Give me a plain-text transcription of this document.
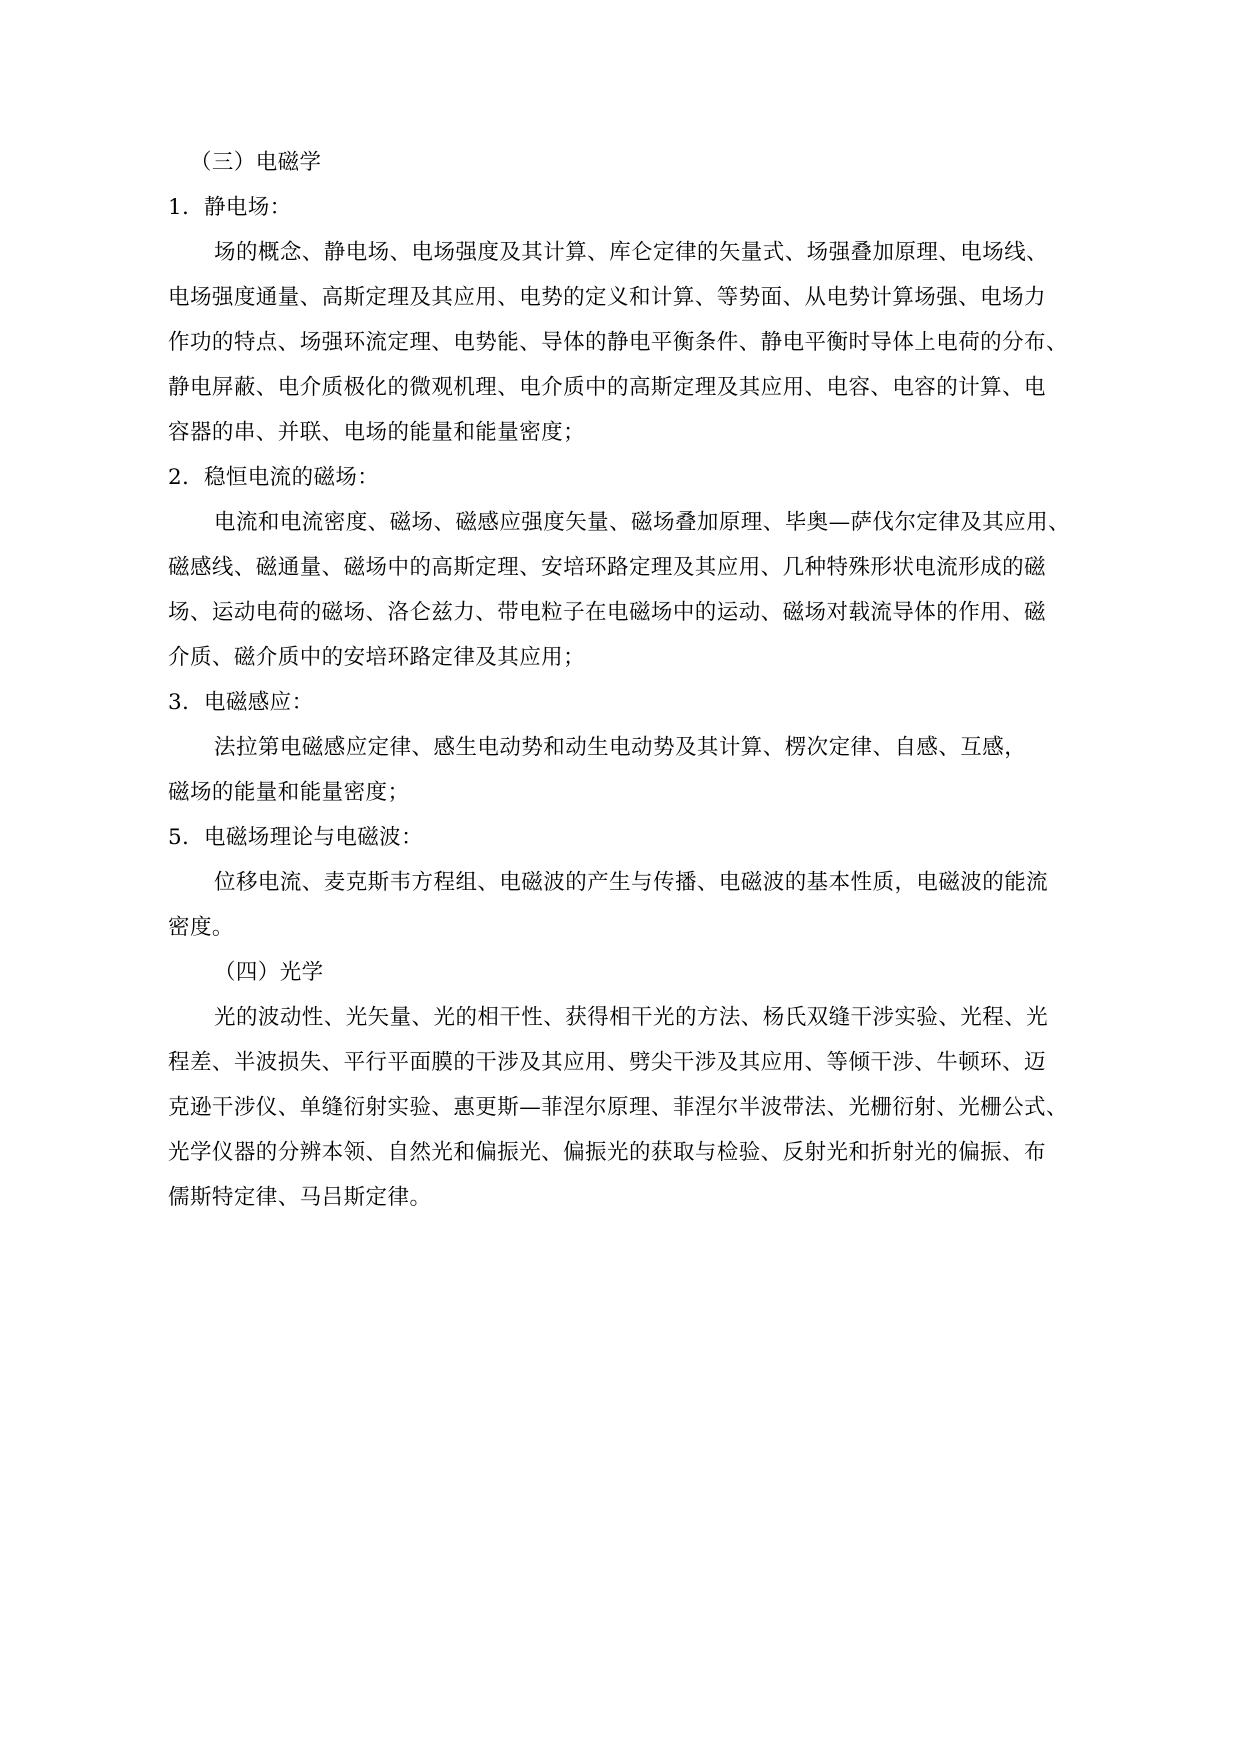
（三）电磁学
1．静电场：
场的概念、静电场、电场强度及其计算、库仑定律的矢量式、场强叠加原理、电场线、
电场强度通量、高斯定理及其应用、电势的定义和计算、等势面、从电势计算场强、电场力
作功的特点、场强环流定理、电势能、导体的静电平衡条件、静电平衡时导体上电荷的分布、
静电屏蔽、电介质极化的微观机理、电介质中的高斯定理及其应用、电容、电容的计算、电
容器的串、并联、电场的能量和能量密度；
2．稳恒电流的磁场：
电流和电流密度、磁场、磁感应强度矢量、磁场叠加原理、毕奥—萨伐尔定律及其应用、
磁感线、磁通量、磁场中的高斯定理、安培环路定理及其应用、几种特殊形状电流形成的磁
场、运动电荷的磁场、洛仑兹力、带电粒子在电磁场中的运动、磁场对载流导体的作用、磁
介质、磁介质中的安培环路定律及其应用；
3．电磁感应：
法拉第电磁感应定律、感生电动势和动生电动势及其计算、楞次定律、自感、互感，
磁场的能量和能量密度；
5．电磁场理论与电磁波：
位移电流、麦克斯韦方程组、电磁波的产生与传播、电磁波的基本性质，电磁波的能流
密度。
（四）光学
光的波动性、光矢量、光的相干性、获得相干光的方法、杨氏双缝干涉实验、光程、光
程差、半波损失、平行平面膜的干涉及其应用、劈尖干涉及其应用、等倾干涉、牛顿环、迈
克逊干涉仪、单缝衍射实验、惠更斯—菲涅尔原理、菲涅尔半波带法、光栅衍射、光栅公式、
光学仪器的分辨本领、自然光和偏振光、偏振光的获取与检验、反射光和折射光的偏振、布
儒斯特定律、马吕斯定律。
